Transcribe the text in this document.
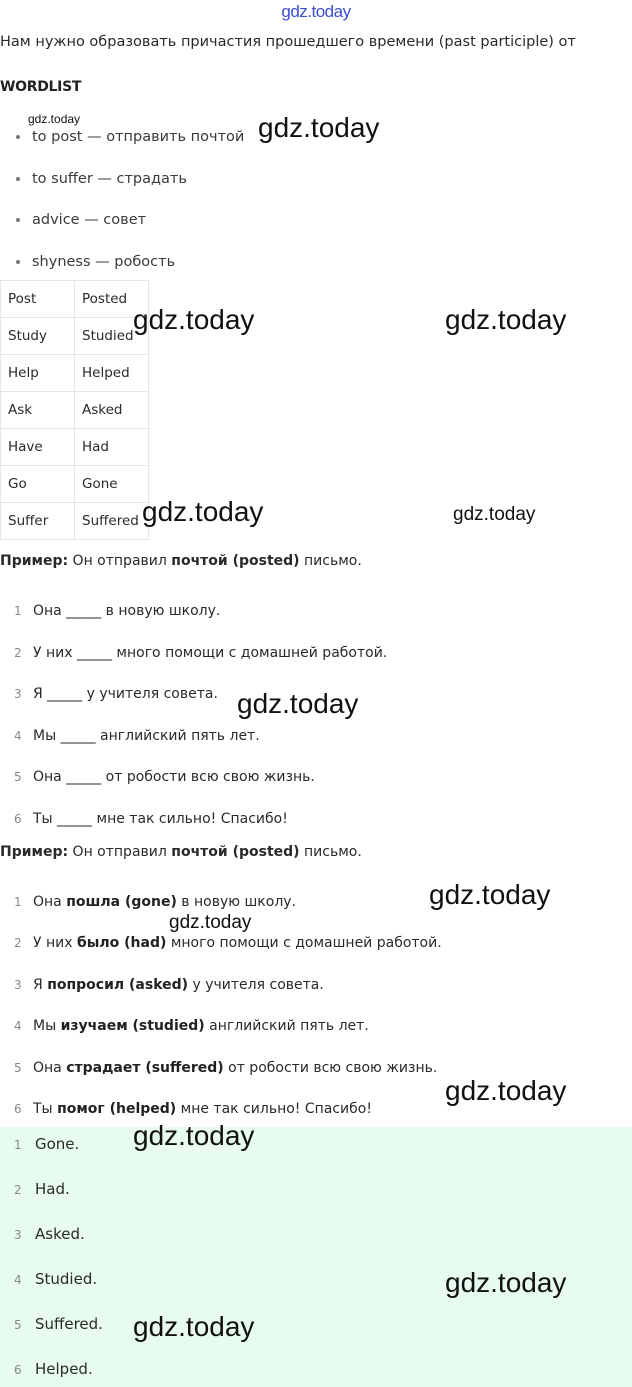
gdz.today
Нам нужно образовать причастия прошедшего времени (past participle) от
WORDLIST
to post — отправить почтой
to suffer — страдать
advice — совет
shyness — робость
Post	Posted
Study	Studied
Help	Helped
Ask	Asked
Have	Had
Go	Gone
Suffer	Suffered
Пример: Он отправил почтой (posted) письмо.
1 Она _____ в новую школу.
2 У них _____ много помощи с домашней работой.
3 Я _____ у учителя совета.
4 Мы _____ английский пять лет.
5 Она _____ от робости всю свою жизнь.
6 Ты _____ мне так сильно! Спасибо!
Пример: Он отправил почтой (posted) письмо.
1 Она пошла (gone) в новую школу.
2 У них было (had) много помощи с домашней работой.
3 Я попросил (asked) у учителя совета.
4 Мы изучаем (studied) английский пять лет.
5 Она страдает (suffered) от робости всю свою жизнь.
6 Ты помог (helped) мне так сильно! Спасибо!
1 Gone.
2 Had.
3 Asked.
4 Studied.
5 Suffered.
6 Helped.
gdz.today	gdz.today
gdz.today	gdz.today
gdz.today	gdz.today
gdz.today
gdz.today
gdz.today
gdz.today
gdz.today
gdz.today
gdz.today
